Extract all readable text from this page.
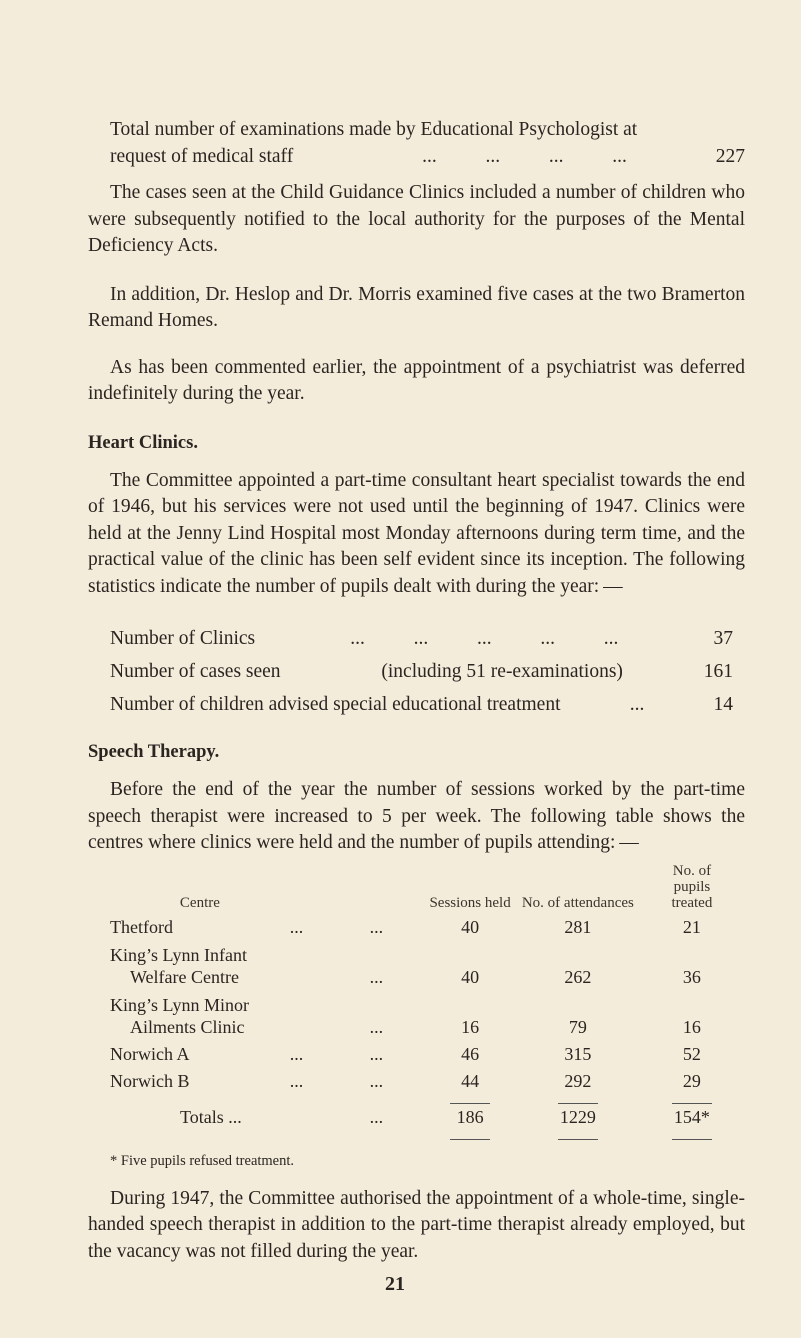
Total number of examinations made by Educational Psychologist at
request of medical staff	...          ...          ...          ...	227

The cases seen at the Child Guidance Clinics included a number of children who were subsequently notified to the local authority for the purposes of the Mental Deficiency Acts.

In addition, Dr. Heslop and Dr. Morris examined five cases at the two Bramerton Remand Homes.

As has been commented earlier, the appointment of a psychiatrist was deferred indefinitely during the year.

Heart Clinics.

The Committee appointed a part-time consultant heart specialist towards the end of 1946, but his services were not used until the beginning of 1947. Clinics were held at the Jenny Lind Hospital most Monday afternoons during term time, and the practical value of the clinic has been self evident since its inception. The following statistics indicate the number of pupils dealt with during the year: —

Number of Clinics	...          ...          ...          ...          ...	37
Number of cases seen	(including 51 re-examinations)	161
Number of children advised special educational treatment	...	14
Speech Therapy.

Before the end of the year the number of sessions worked by the part-time speech therapist were increased to 5 per week. The following table shows the centres where clinics were held and the number of pupils attending: —

Centre			Sessions held	No. of attendances	No. of pupils treated
Thetford	...	...	40	281	21

King’s Lynn Infant
Welfare Centre		...	40	262	36

King’s Lynn Minor
Ailments Clinic		...	16	79	16
Norwich A	...	...	46	315	52
Norwich B	...	...	44	292	29

Totals ...		...	186	1229	154*

* Five pupils refused treatment.

During 1947, the Committee authorised the appointment of a whole-time, single-handed speech therapist in addition to the part-time therapist already employed, but the vacancy was not filled during the year.

21
